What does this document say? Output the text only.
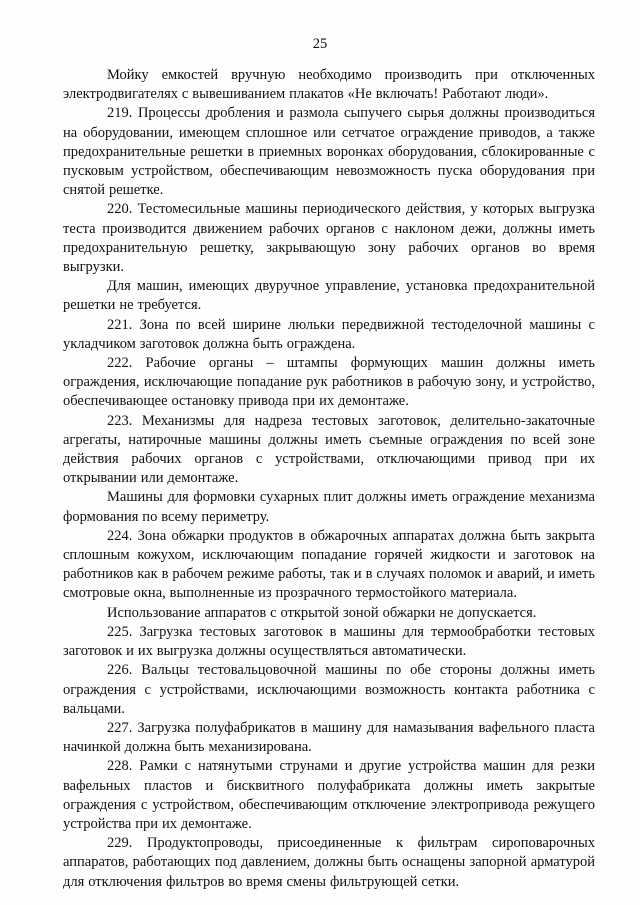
25

Мойку емкостей вручную необходимо производить при отключенных электродвигателях с вывешиванием плакатов «Не включать! Работают люди».

219. Процессы дробления и размола сыпучего сырья должны производиться на оборудовании, имеющем сплошное или сетчатое ограждение приводов, а также предохранительные решетки в приемных воронках оборудования, сблокированные с пусковым устройством, обеспечивающим невозможность пуска оборудования при снятой решетке.

220. Тестомесильные машины периодического действия, у которых выгрузка теста производится движением рабочих органов с наклоном дежи, должны иметь предохранительную решетку, закрывающую зону рабочих органов во время выгрузки.

Для машин, имеющих двуручное управление, установка предохранительной решетки не требуется.

221. Зона по всей ширине люльки передвижной тестоделочной машины с укладчиком заготовок должна быть ограждена.

222. Рабочие органы – штампы формующих машин должны иметь ограждения, исключающие попадание рук работников в рабочую зону, и устройство, обеспечивающее остановку привода при их демонтаже.

223. Механизмы для надреза тестовых заготовок, делительно-закаточные агрегаты, натирочные машины должны иметь съемные ограждения по всей зоне действия рабочих органов с устройствами, отключающими привод при их открывании или демонтаже.

Машины для формовки сухарных плит должны иметь ограждение механизма формования по всему периметру.

224. Зона обжарки продуктов в обжарочных аппаратах должна быть закрыта сплошным кожухом, исключающим попадание горячей жидкости и заготовок на работников как в рабочем режиме работы, так и в случаях поломок и аварий, и иметь смотровые окна, выполненные из прозрачного термостойкого материала.

Использование аппаратов с открытой зоной обжарки не допускается.

225. Загрузка тестовых заготовок в машины для термообработки тестовых заготовок и их выгрузка должны осуществляться автоматически.

226. Вальцы тестовальцовочной машины по обе стороны должны иметь ограждения с устройствами, исключающими возможность контакта работника с вальцами.

227. Загрузка полуфабрикатов в машину для намазывания вафельного пласта начинкой должна быть механизирована.

228. Рамки с натянутыми струнами и другие устройства машин для резки вафельных пластов и бисквитного полуфабриката должны иметь закрытые ограждения с устройством, обеспечивающим отключение электропривода режущего устройства при их демонтаже.

229. Продуктопроводы, присоединенные к фильтрам сироповарочных аппаратов, работающих под давлением, должны быть оснащены запорной арматурой для отключения фильтров во время смены фильтрующей сетки.
